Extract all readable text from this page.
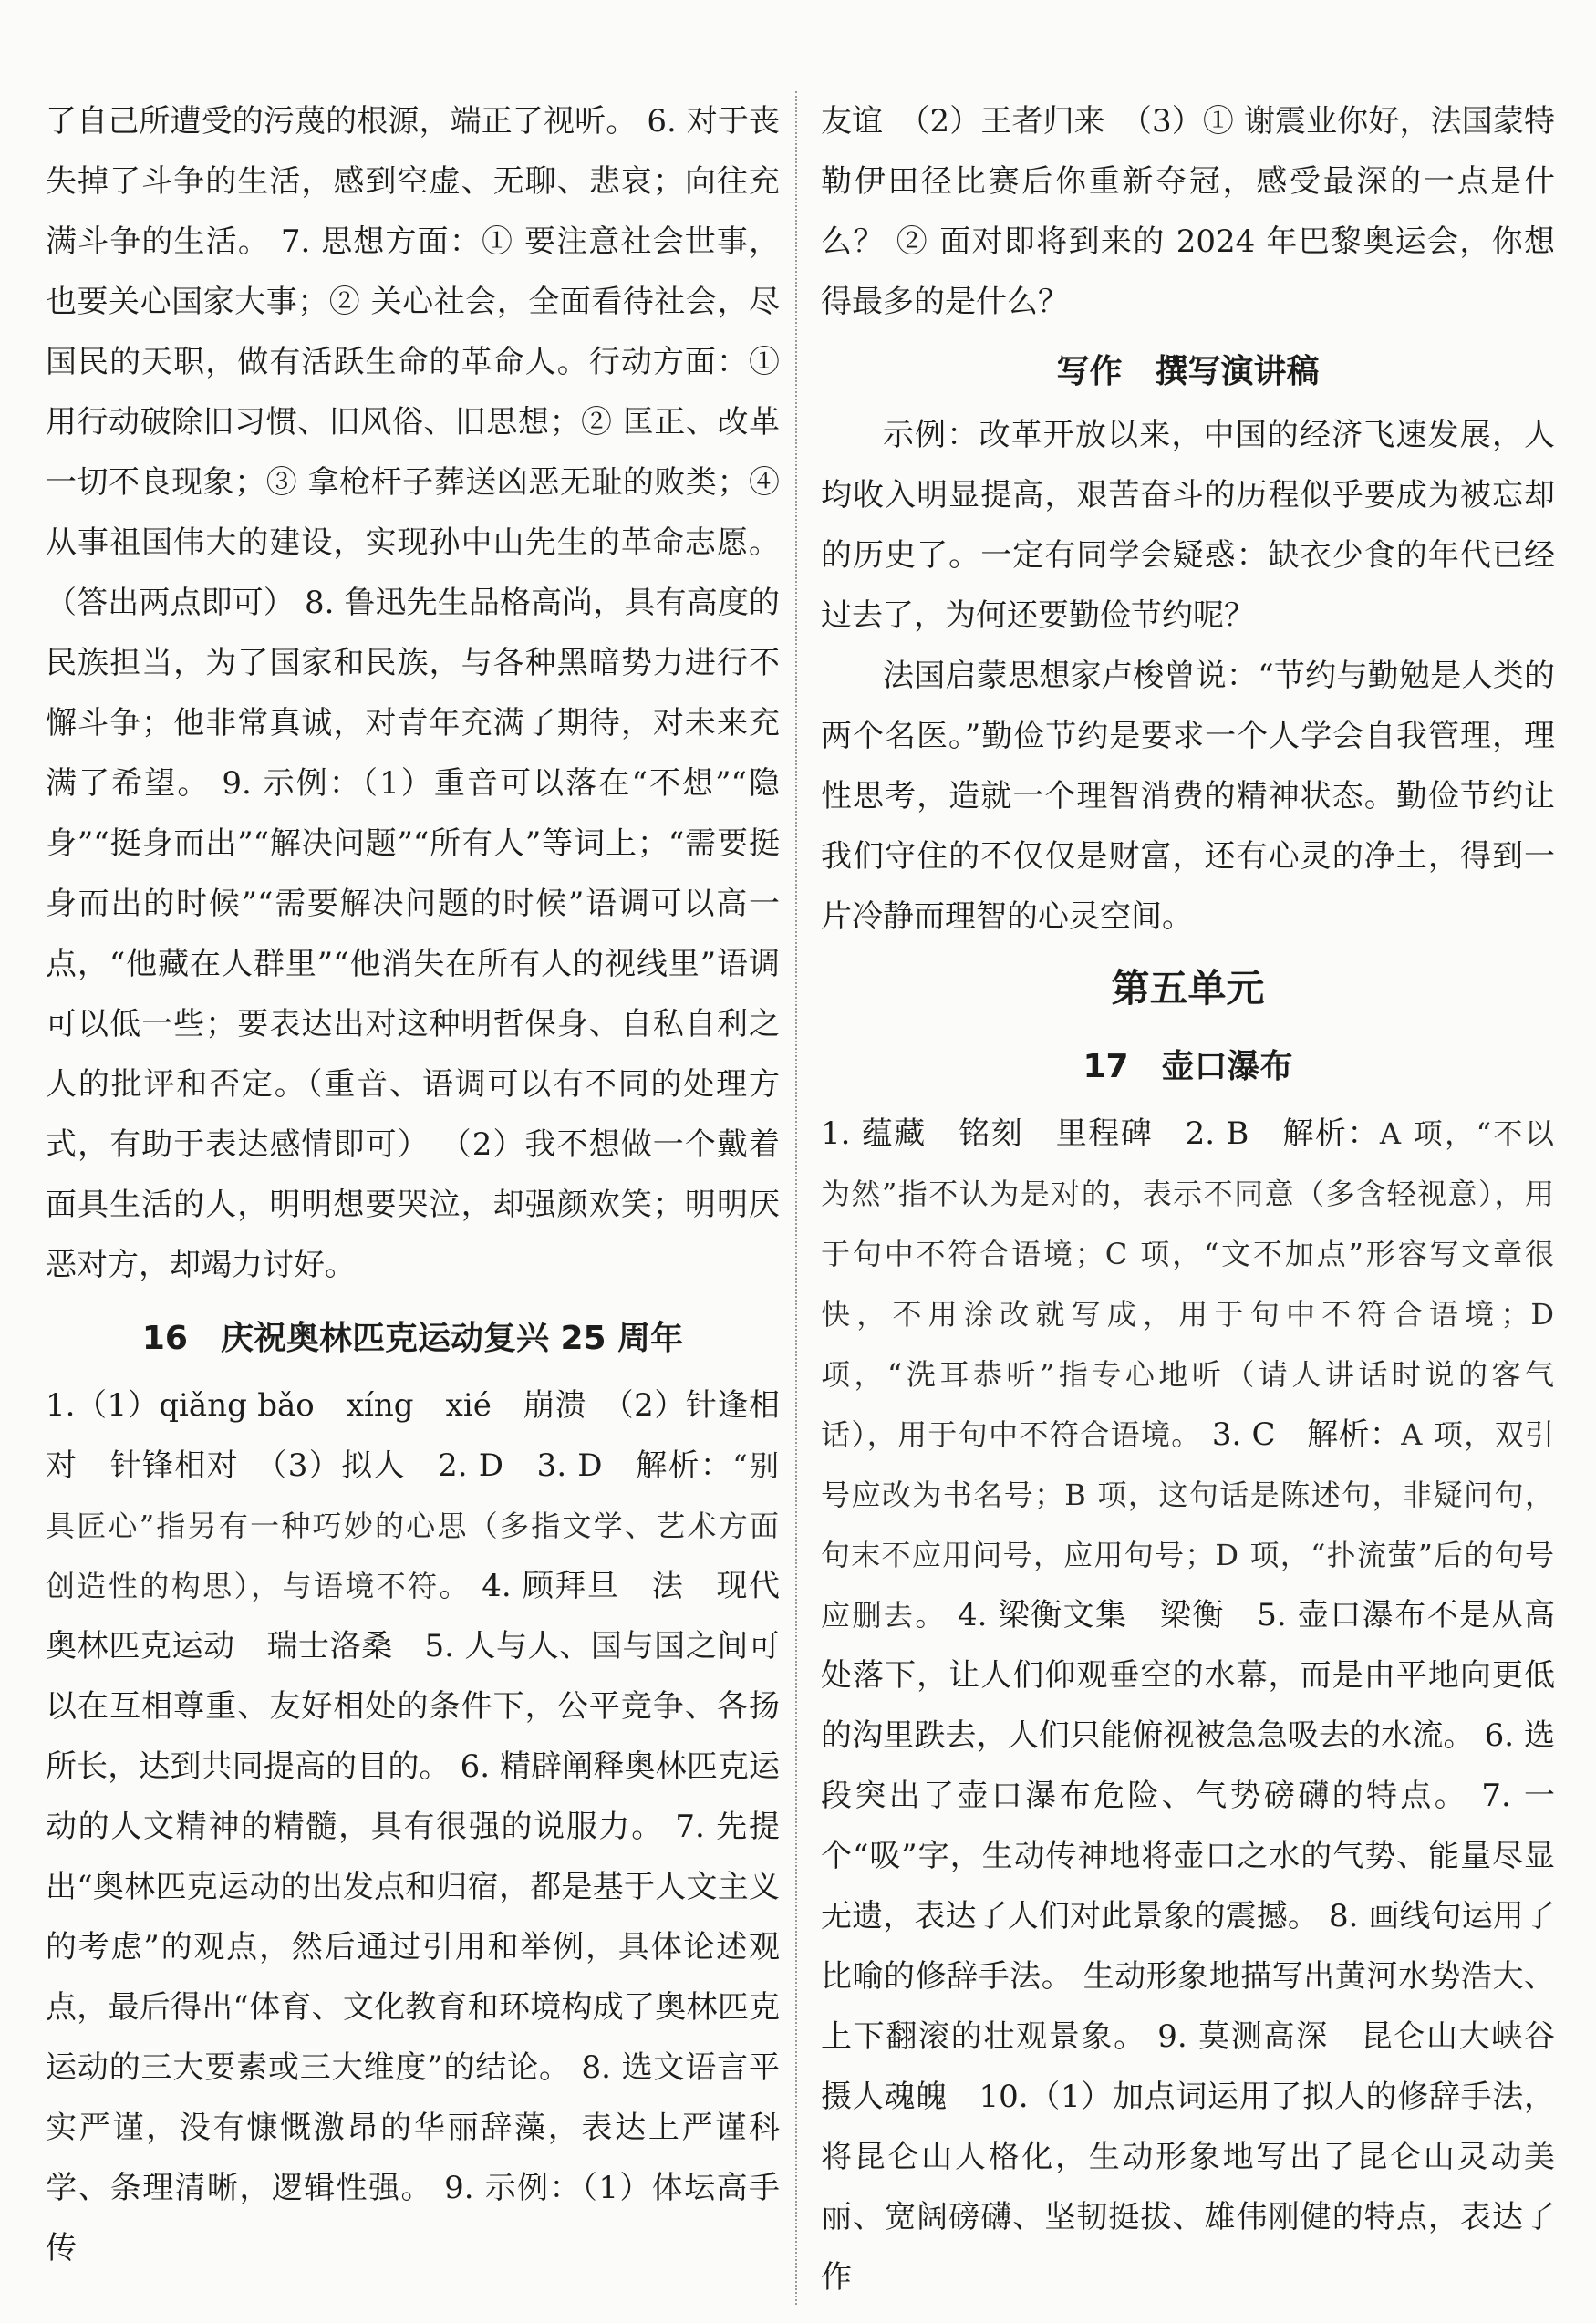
了自己所遭受的污蔑的根源，端正了视听。 6. 对于丧失掉了斗争的生活，感到空虚、无聊、悲哀；向往充满斗争的生活。 7. 思想方面：① 要注意社会世事，也要关心国家大事；② 关心社会，全面看待社会，尽国民的天职，做有活跃生命的革命人。行动方面：① 用行动破除旧习惯、旧风俗、旧思想；② 匡正、改革一切不良现象；③ 拿枪杆子葬送凶恶无耻的败类；④ 从事祖国伟大的建设，实现孙中山先生的革命志愿。（答出两点即可） 8. 鲁迅先生品格高尚，具有高度的民族担当，为了国家和民族，与各种黑暗势力进行不懈斗争；他非常真诚，对青年充满了期待，对未来充满了希望。 9. 示例：（1）重音可以落在“不想”“隐身”“挺身而出”“解决问题”“所有人”等词上；“需要挺身而出的时候”“需要解决问题的时候”语调可以高一点，“他藏在人群里”“他消失在所有人的视线里”语调可以低一些；要表达出对这种明哲保身、自私自利之人的批评和否定。（重音、语调可以有不同的处理方式，有助于表达感情即可） （2）我不想做一个戴着面具生活的人，明明想要哭泣，却强颜欢笑；明明厌恶对方，却竭力讨好。

16　庆祝奥林匹克运动复兴 25 周年

1.（1）qiǎng bǎo　xíng　xié　崩溃　（2）针逢相对　针锋相对　（3）拟人　2. D　3. D　解析：“别具匠心”指另有一种巧妙的心思（多指文学、艺术方面创造性的构思），与语境不符。 4. 顾拜旦　法　现代奥林匹克运动　瑞士洛桑　5. 人与人、国与国之间可以在互相尊重、友好相处的条件下，公平竞争、各扬所长，达到共同提高的目的。 6. 精辟阐释奥林匹克运动的人文精神的精髓，具有很强的说服力。 7. 先提出“奥林匹克运动的出发点和归宿，都是基于人文主义的考虑”的观点，然后通过引用和举例，具体论述观点，最后得出“体育、文化教育和环境构成了奥林匹克运动的三大要素或三大维度”的结论。 8. 选文语言平实严谨，没有慷慨激昂的华丽辞藻，表达上严谨科学、条理清晰，逻辑性强。 9. 示例：（1）体坛高手传

友谊　（2）王者归来　（3）① 谢震业你好，法国蒙特勒伊田径比赛后你重新夺冠，感受最深的一点是什么？ ② 面对即将到来的 2024 年巴黎奥运会，你想得最多的是什么？

写作　撰写演讲稿

示例：改革开放以来，中国的经济飞速发展，人均收入明显提高，艰苦奋斗的历程似乎要成为被忘却的历史了。一定有同学会疑惑：缺衣少食的年代已经过去了，为何还要勤俭节约呢？

法国启蒙思想家卢梭曾说：“节约与勤勉是人类的两个名医。”勤俭节约是要求一个人学会自我管理，理性思考，造就一个理智消费的精神状态。勤俭节约让我们守住的不仅仅是财富，还有心灵的净土，得到一片冷静而理智的心灵空间。

第五单元

17　壶口瀑布

1. 蕴藏　铭刻　里程碑　2. B　解析：A 项，“不以为然”指不认为是对的，表示不同意（多含轻视意），用于句中不符合语境；C 项，“文不加点”形容写文章很快，不用涂改就写成，用于句中不符合语境；D 项，“洗耳恭听”指专心地听（请人讲话时说的客气话），用于句中不符合语境。 3. C　解析：A 项，双引号应改为书名号；B 项，这句话是陈述句，非疑问句，句末不应用问号，应用句号；D 项，“扑流萤”后的句号应删去。 4. 梁衡文集　梁衡　5. 壶口瀑布不是从高处落下，让人们仰观垂空的水幕，而是由平地向更低的沟里跌去，人们只能俯视被急急吸去的水流。 6. 选段突出了壶口瀑布危险、气势磅礴的特点。 7. 一个“吸”字，生动传神地将壶口之水的气势、能量尽显无遗，表达了人们对此景象的震撼。 8. 画线句运用了比喻的修辞手法。 生动形象地描写出黄河水势浩大、上下翻滚的壮观景象。 9. 莫测高深　昆仑山大峡谷　摄人魂魄　10.（1）加点词运用了拟人的修辞手法，将昆仑山人格化，生动形象地写出了昆仑山灵动美丽、宽阔磅礴、坚韧挺拔、雄伟刚健的特点，表达了作
